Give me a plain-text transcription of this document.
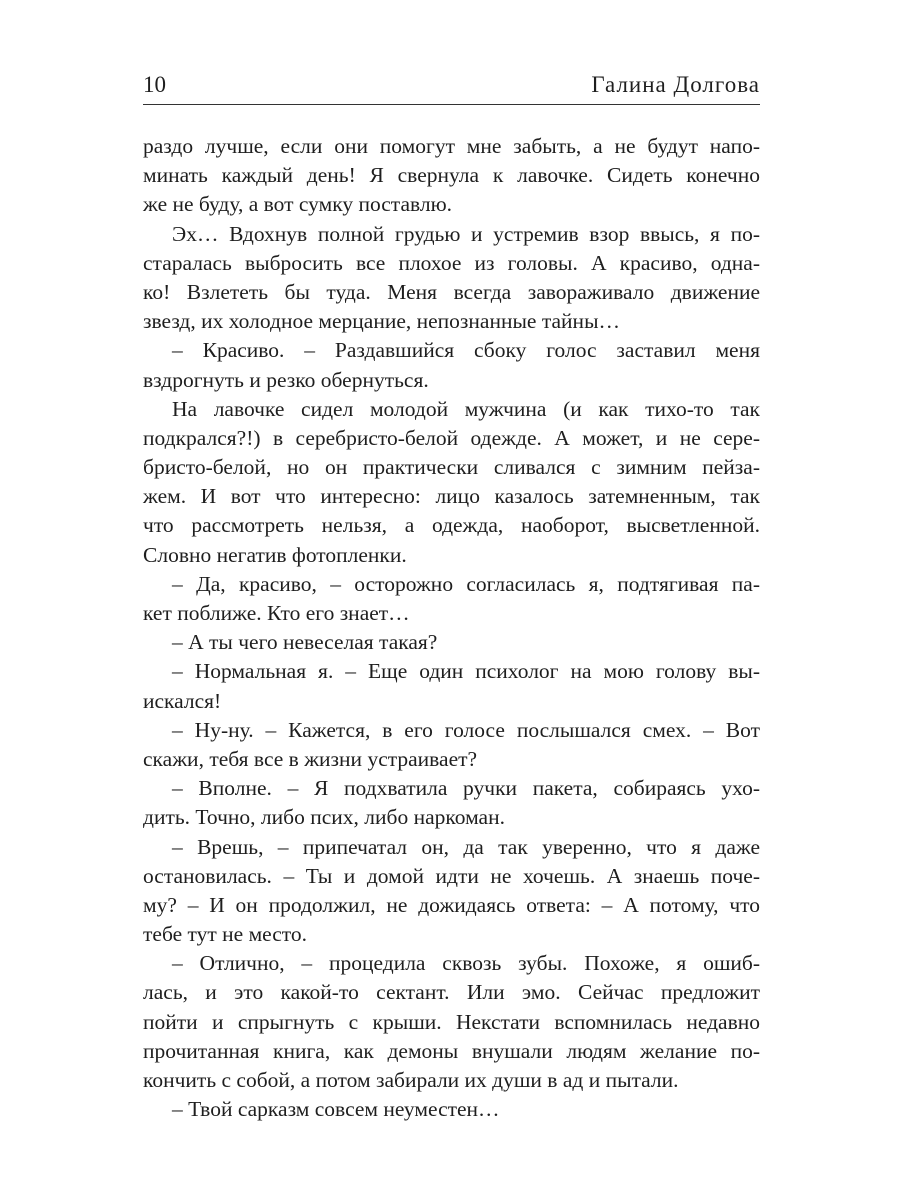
10	Галина Долгова
раздо лучше, если они помогут мне забыть, а не будут напо-
минать каждый день! Я свернула к лавочке. Сидеть конечно
же не буду, а вот сумку поставлю.
Эх… Вдохнув полной грудью и устремив взор ввысь, я по-
старалась выбросить все плохое из головы. А красиво, одна-
ко! Взлететь бы туда. Меня всегда завораживало движение
звезд, их холодное мерцание, непознанные тайны…
– Красиво. – Раздавшийся сбоку голос заставил меня
вздрогнуть и резко обернуться.
На лавочке сидел молодой мужчина (и как тихо-то так
подкрался?!) в серебристо-белой одежде. А может, и не сере-
бристо-белой, но он практически сливался с зимним пейза-
жем. И вот что интересно: лицо казалось затемненным, так
что рассмотреть нельзя, а одежда, наоборот, высветленной.
Словно негатив фотопленки.
– Да, красиво, – осторожно согласилась я, подтягивая па-
кет поближе. Кто его знает…
– А ты чего невеселая такая?
– Нормальная я. – Еще один психолог на мою голову вы-
искался!
– Ну-ну. – Кажется, в его голосе послышался смех. – Вот
скажи, тебя все в жизни устраивает?
– Вполне. – Я подхватила ручки пакета, собираясь ухо-
дить. Точно, либо псих, либо наркоман.
– Врешь, – припечатал он, да так уверенно, что я даже
остановилась. – Ты и домой идти не хочешь. А знаешь поче-
му? – И он продолжил, не дожидаясь ответа: – А потому, что
тебе тут не место.
– Отлично, – процедила сквозь зубы. Похоже, я ошиб-
лась, и это какой-то сектант. Или эмо. Сейчас предложит
пойти и спрыгнуть с крыши. Некстати вспомнилась недавно
прочитанная книга, как демоны внушали людям желание по-
кончить с собой, а потом забирали их души в ад и пытали.
– Твой сарказм совсем неуместен…
